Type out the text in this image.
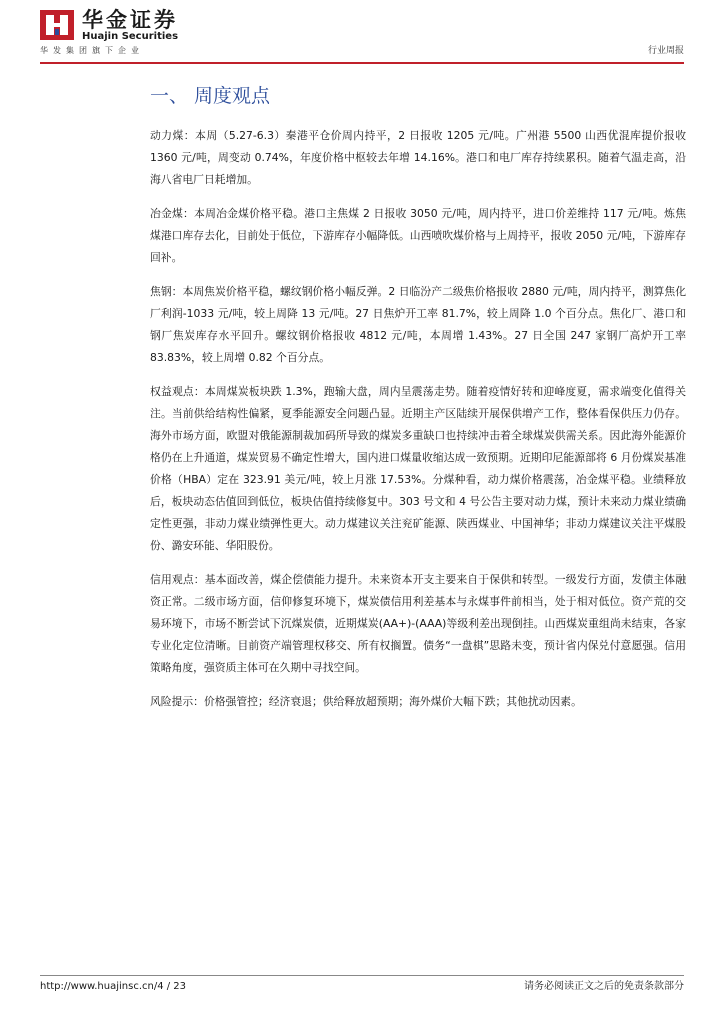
华金证券
Huajin Securities
华发集团旗下企业	行业周报
一、 周度观点

动力煤：本周（5.27-6.3）秦港平仓价周内持平，2 日报收 1205 元/吨。广州港 5500 山西优混库提价报收 1360 元/吨，周变动 0.74%，年度价格中枢较去年增 14.16%。港口和电厂库存持续累积。随着气温走高，沿海八省电厂日耗增加。

冶金煤：本周冶金煤价格平稳。港口主焦煤 2 日报收 3050 元/吨，周内持平，进口价差维持 117 元/吨。炼焦煤港口库存去化，目前处于低位，下游库存小幅降低。山西喷吹煤价格与上周持平，报收 2050 元/吨，下游库存回补。

焦钢：本周焦炭价格平稳，螺纹钢价格小幅反弹。2 日临汾产二级焦价格报收 2880 元/吨，周内持平，测算焦化厂利润-1033 元/吨，较上周降 13 元/吨。27 日焦炉开工率 81.7%，较上周降 1.0 个百分点。焦化厂、港口和钢厂焦炭库存水平回升。螺纹钢价格报收 4812 元/吨，本周增 1.43%。27 日全国 247 家钢厂高炉开工率 83.83%，较上周增 0.82 个百分点。

权益观点：本周煤炭板块跌 1.3%，跑输大盘，周内呈震荡走势。随着疫情好转和迎峰度夏，需求端变化值得关注。当前供给结构性偏紧，夏季能源安全问题凸显。近期主产区陆续开展保供增产工作，整体看保供压力仍存。海外市场方面，欧盟对俄能源制裁加码所导致的煤炭多重缺口也持续冲击着全球煤炭供需关系。因此海外能源价格仍在上升通道，煤炭贸易不确定性增大，国内进口煤量收缩达成一致预期。近期印尼能源部将 6 月份煤炭基准价格（HBA）定在 323.91 美元/吨，较上月涨 17.53%。分煤种看，动力煤价格震荡，冶金煤平稳。业绩释放后，板块动态估值回到低位，板块估值持续修复中。303 号文和 4 号公告主要对动力煤，预计未来动力煤业绩确定性更强，非动力煤业绩弹性更大。动力煤建议关注兖矿能源、陕西煤业、中国神华；非动力煤建议关注平煤股份、潞安环能、华阳股份。

信用观点：基本面改善，煤企偿债能力提升。未来资本开支主要来自于保供和转型。一级发行方面，发债主体融资正常。二级市场方面，信仰修复环境下，煤炭债信用利差基本与永煤事件前相当，处于相对低位。资产荒的交易环境下，市场不断尝试下沉煤炭债，近期煤炭(AA+)-(AAA)等级利差出现倒挂。山西煤炭重组尚未结束，各家专业化定位清晰。目前资产端管理权移交、所有权搁置。债务“一盘棋”思路未变，预计省内保兑付意愿强。信用策略角度，强资质主体可在久期中寻找空间。

风险提示：价格强管控；经济衰退；供给释放超预期；海外煤价大幅下跌；其他扰动因素。

http://www.huajinsc.cn/4 / 23	请务必阅读正文之后的免责条款部分
